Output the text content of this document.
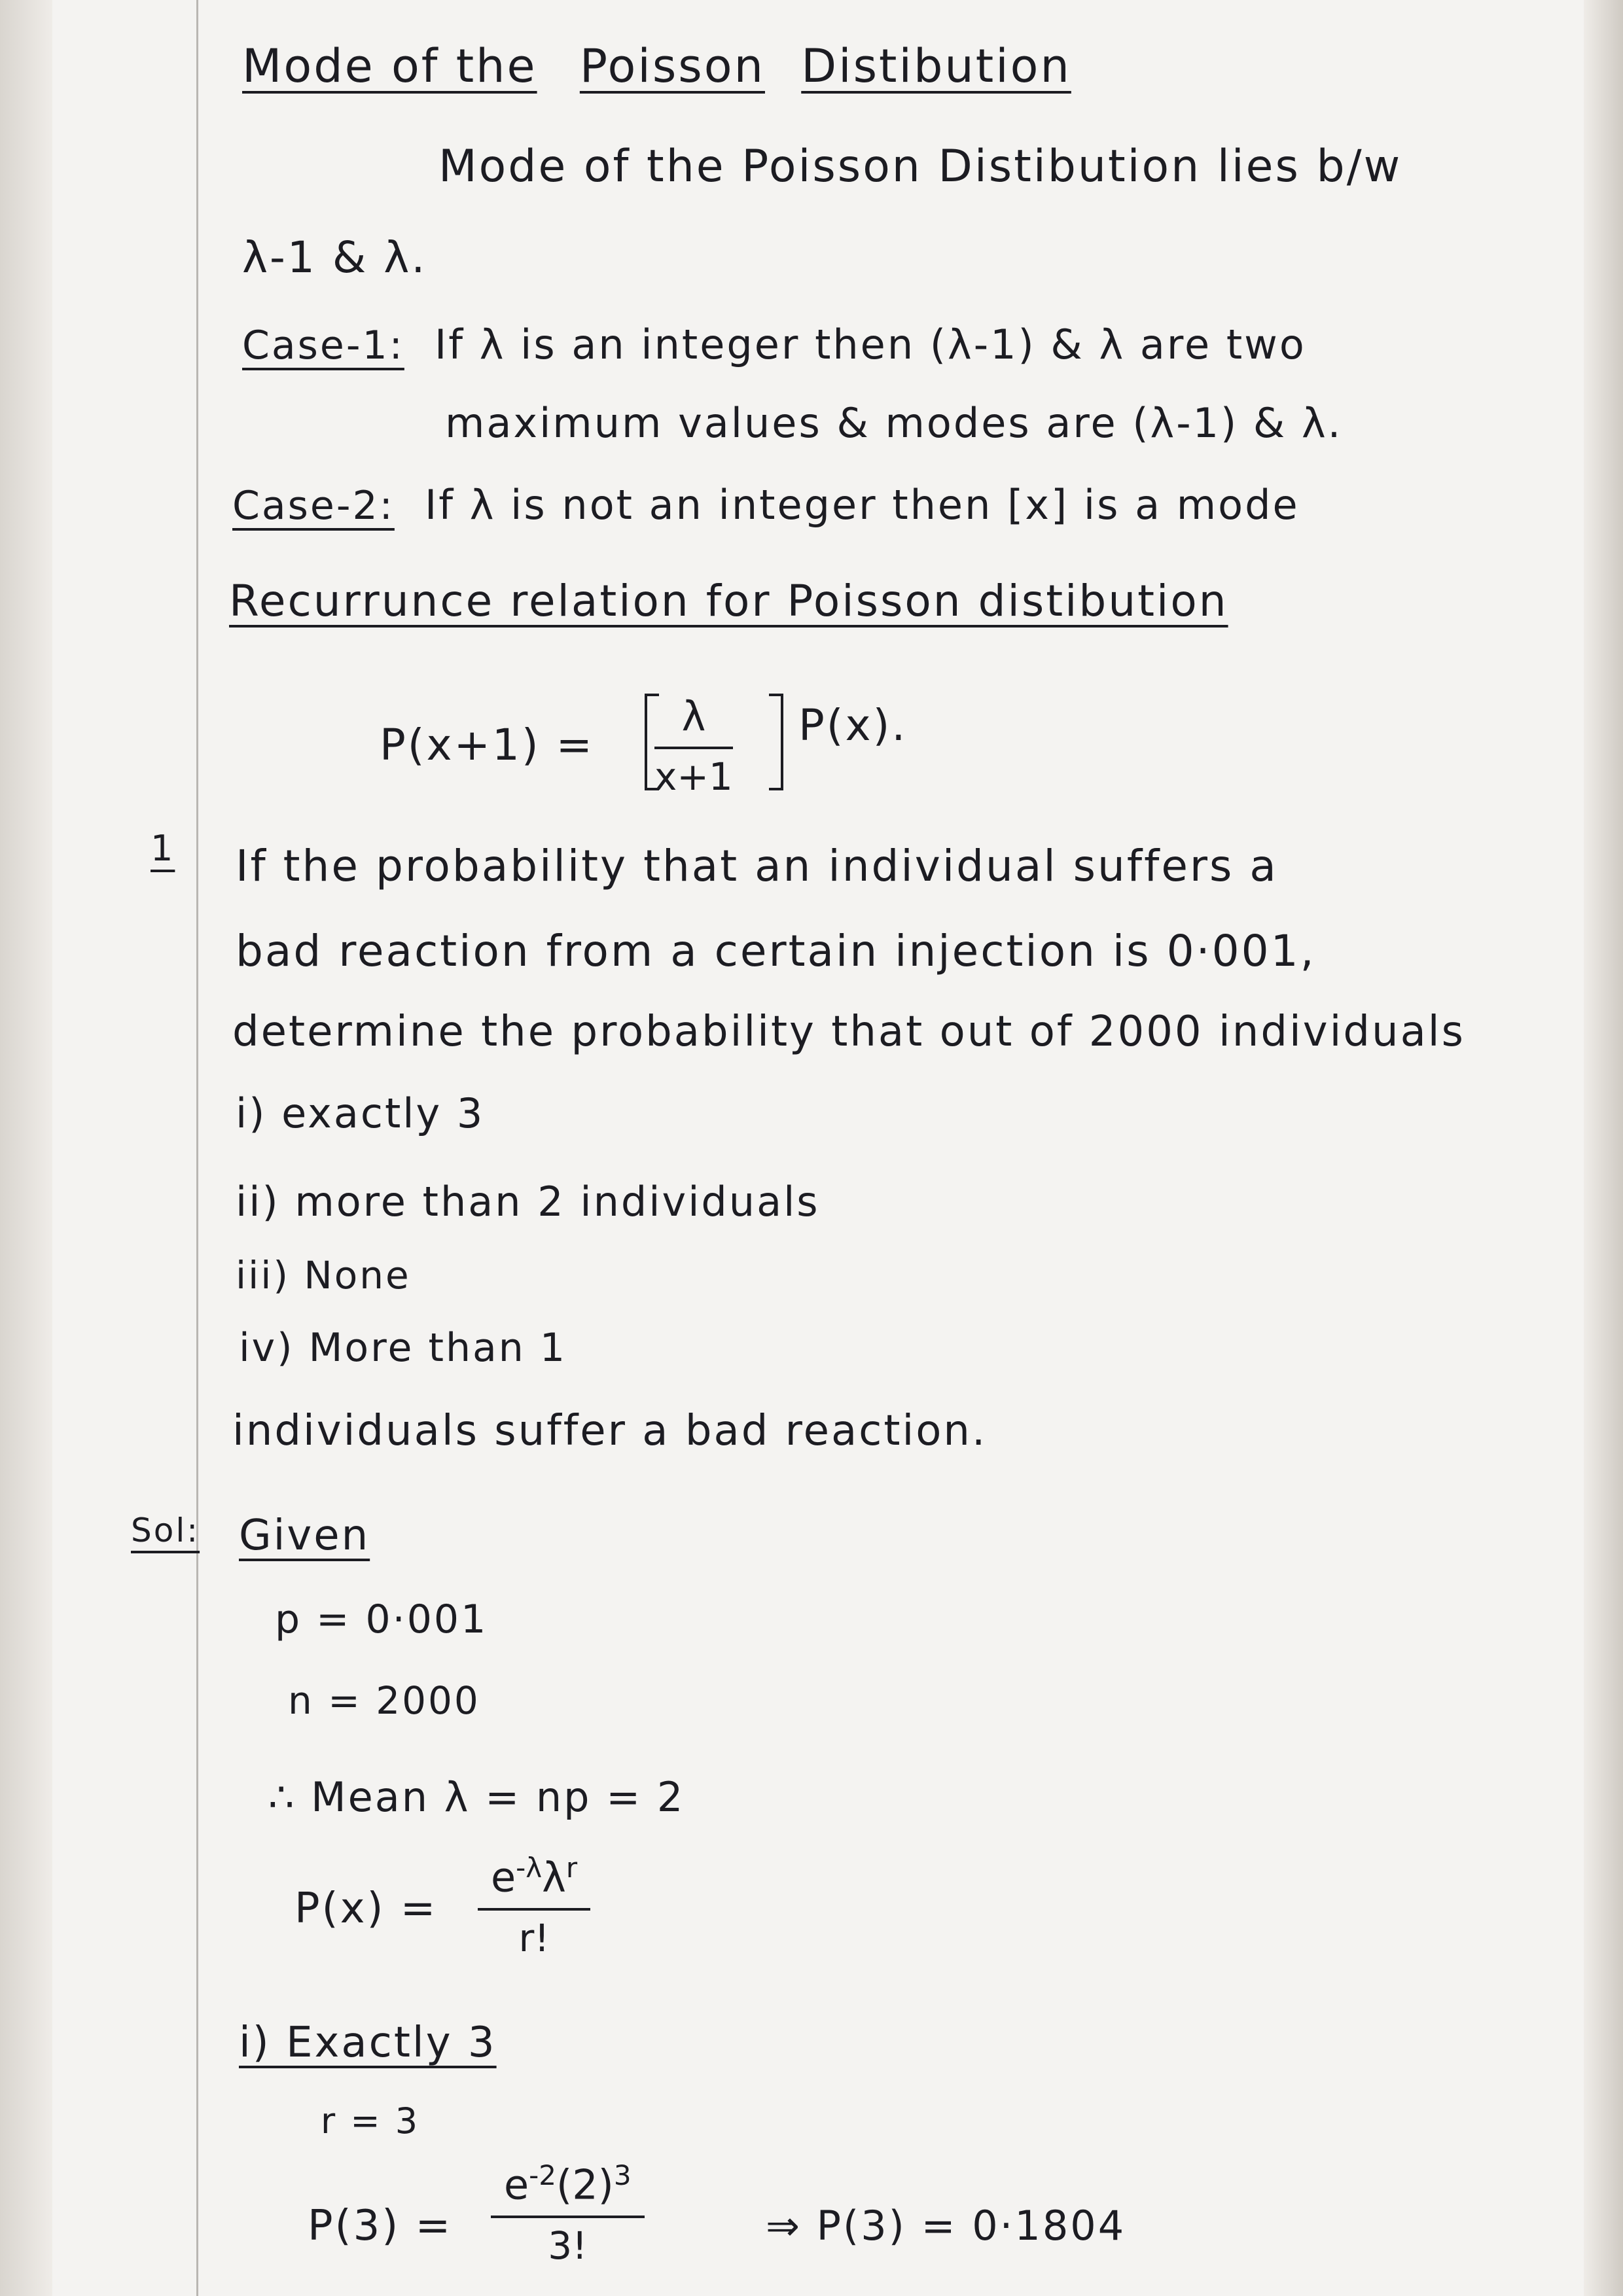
Mode of the Poisson Distibution
Mode of the Poisson Distibution lies b/w
λ-1 & λ.
Case-1: If λ is an integer then (λ-1) & λ are two
maximum values & modes are (λ-1) & λ.
Case-2: If λ is not an integer then [x] is a mode
Recurrunce relation for Poisson distibution
$P(x+1) = \frac{\lambda}{x+1} P(x)$.
1 If the probability that an individual suffers a
bad reaction from a certain injection is 0·001,
determine the probability that out of 2000 individuals
i) exactly 3
ii) more than 2 individuals
iii) None
iv) More than 1
individuals suffer a bad reaction.
Sol: Given
p = 0·001
n = 2000
∴ Mean λ = np = 2
P(x) =
$e^{-\lambda}\lambda^r$
r!
i) Exactly 3
r = 3
$P(3) = \frac{e^{-2}(2)^3}{3!}$	⇒ P(3) = 0·1804
